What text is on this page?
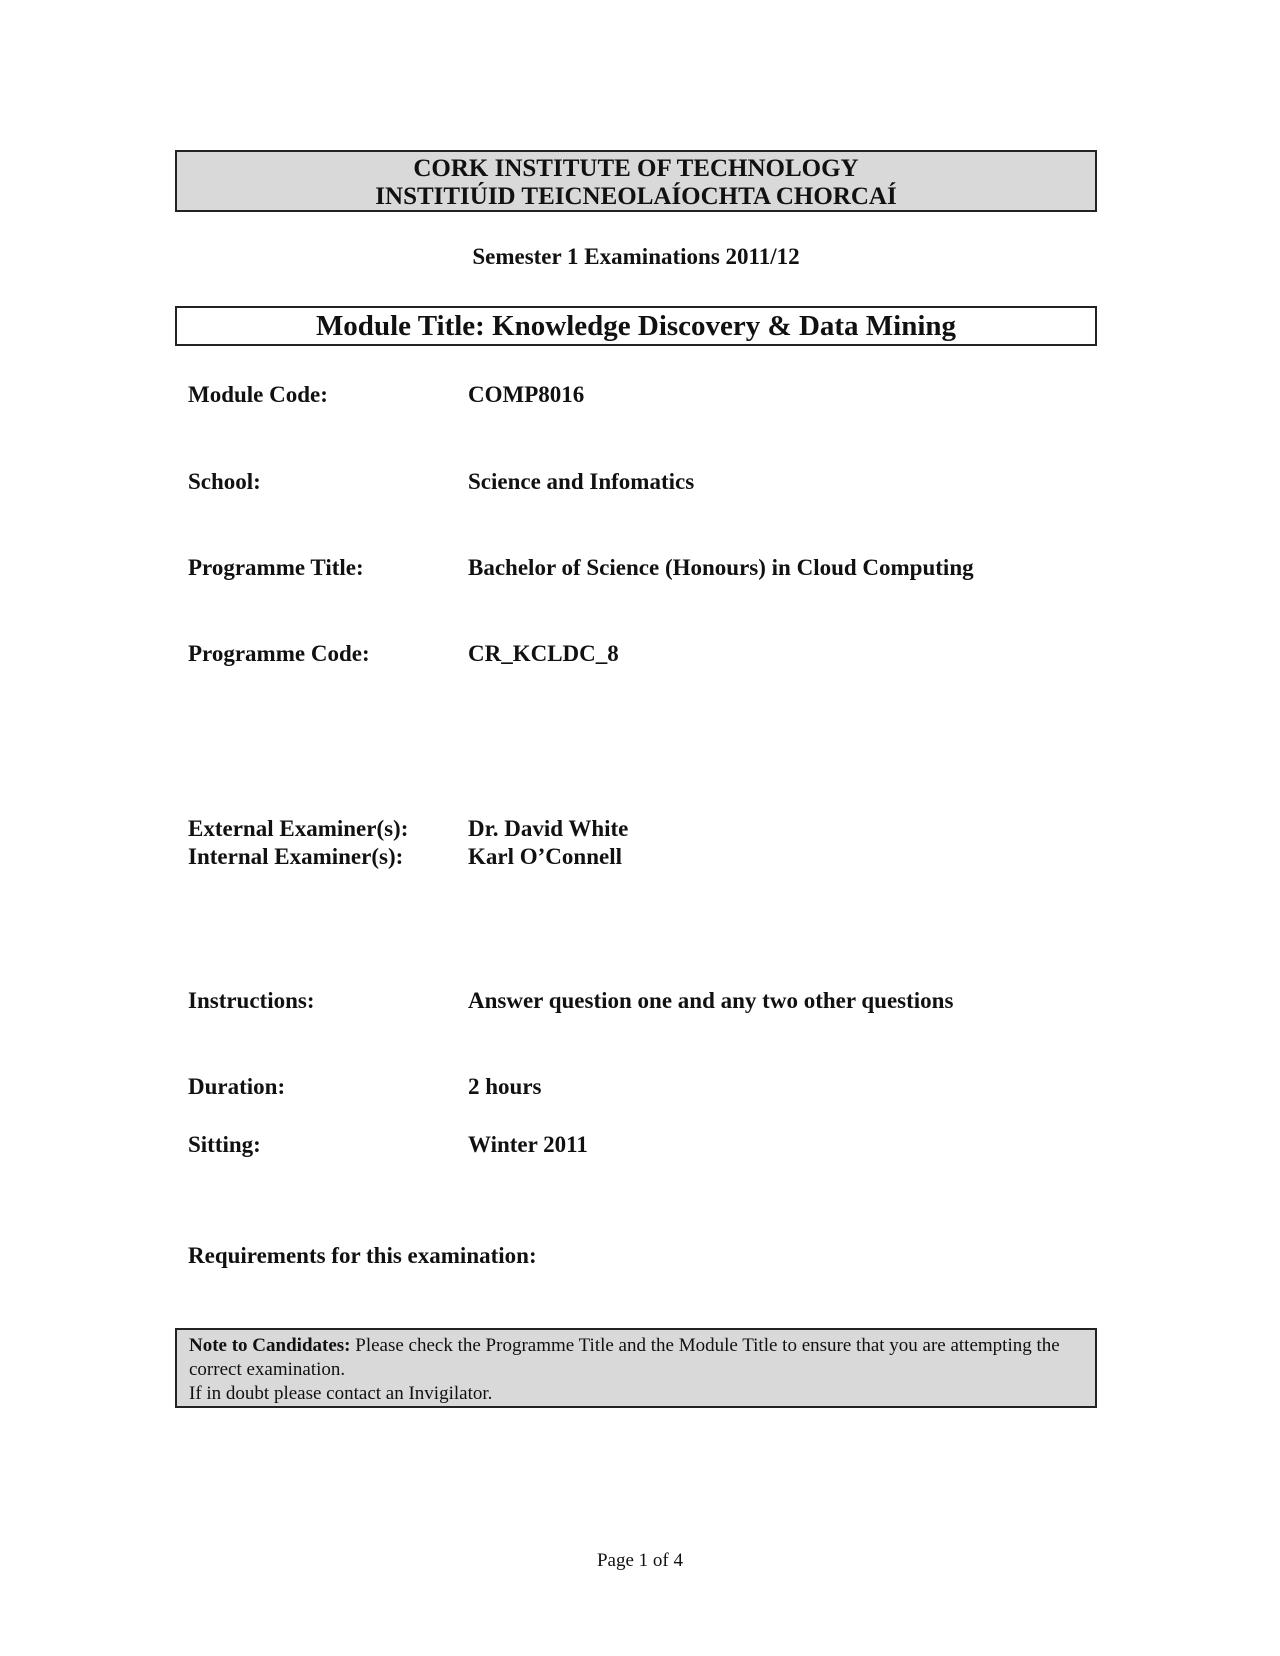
CORK INSTITUTE OF TECHNOLOGY
INSTITIÚID TEICNEOLAÍOCHTA CHORCAÍ
Semester 1 Examinations 2011/12
Module Title: Knowledge Discovery & Data Mining
Module Code:	COMP8016
School:	Science and Infomatics
Programme Title:	Bachelor of Science (Honours) in Cloud Computing
Programme Code:	CR_KCLDC_8
External Examiner(s):	Dr. David White
Internal Examiner(s):	Karl O’Connell
Instructions:	Answer question one and any two other questions
Duration:	2 hours
Sitting:	Winter 2011
Requirements for this examination:
Note to Candidates: Please check the Programme Title and the Module Title to ensure that you are attempting the correct examination.
If in doubt please contact an Invigilator.
Page 1 of 4
